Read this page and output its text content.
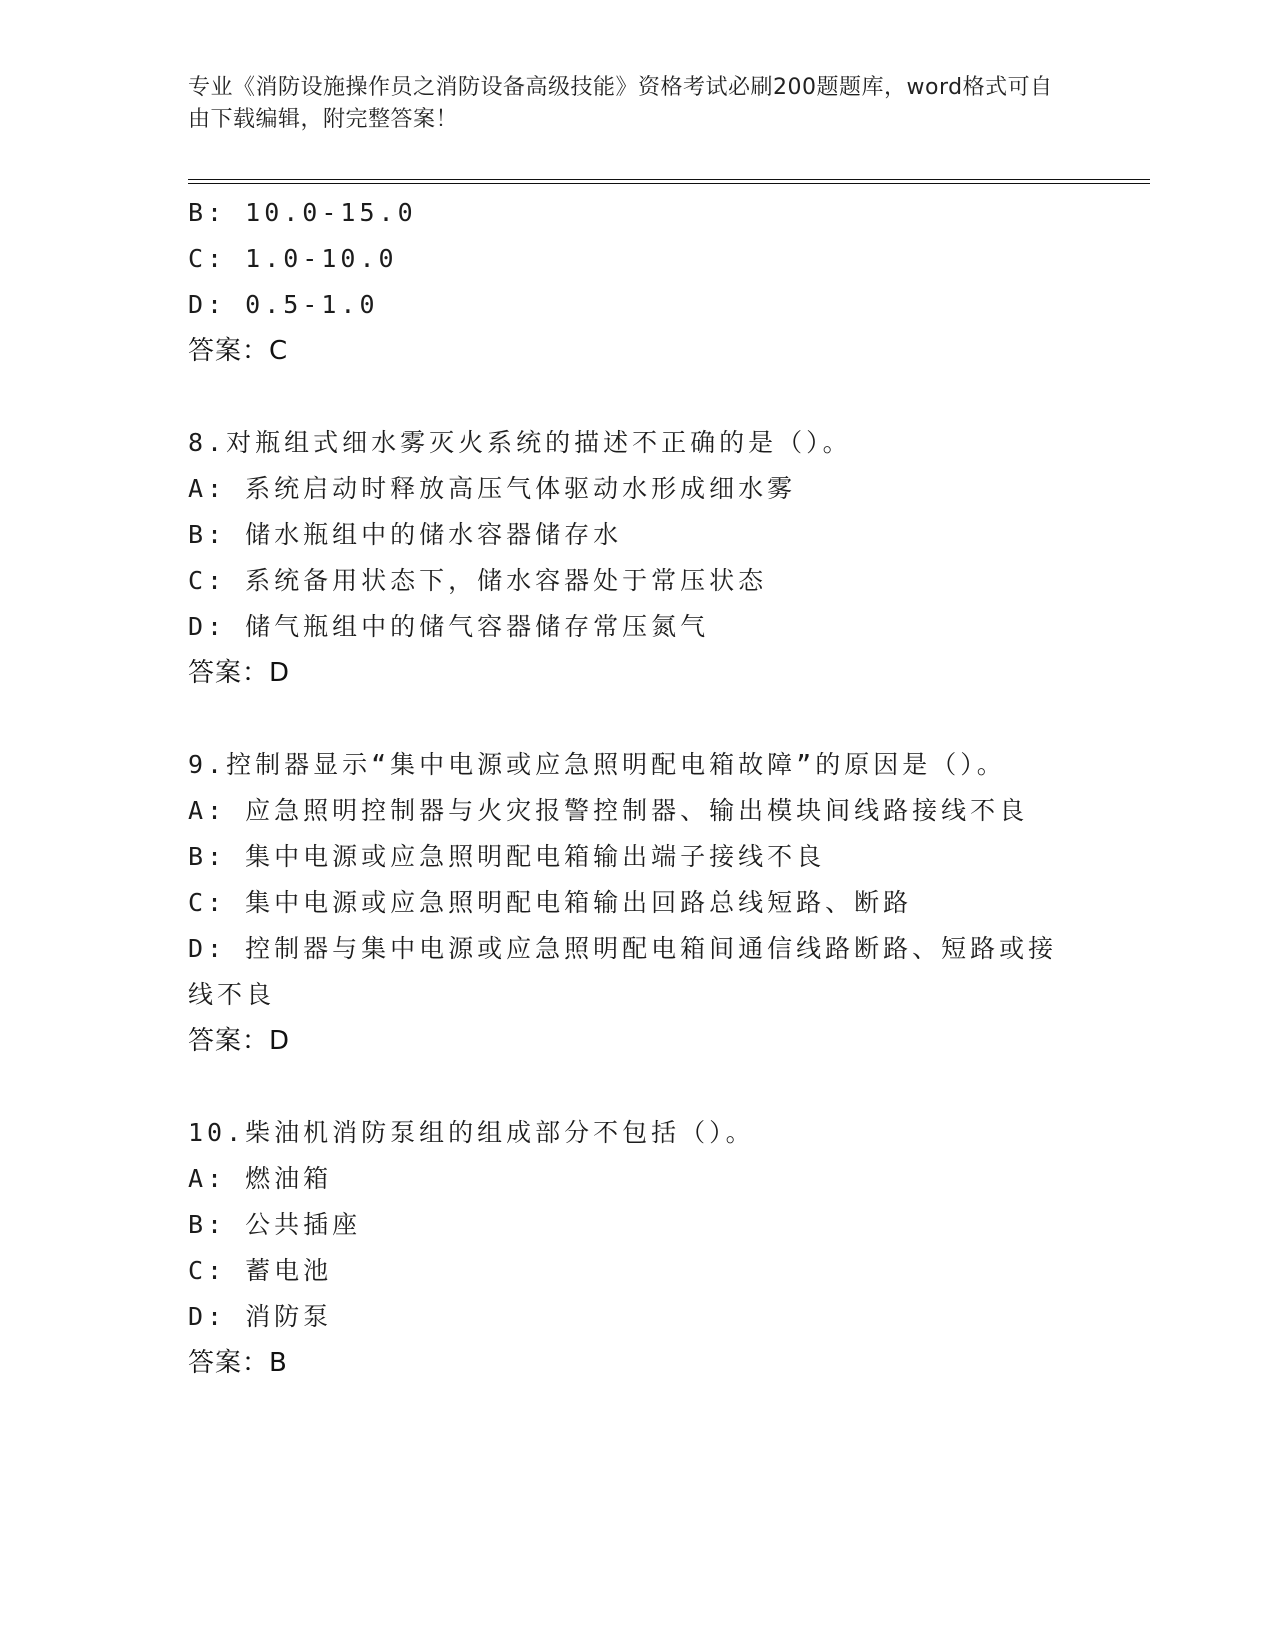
专业《消防设施操作员之消防设备高级技能》资格考试必刷200题题库，word格式可自由下载编辑，附完整答案！
B: 10.0-15.0
C: 1.0-10.0
D: 0.5-1.0
答案：C
8.对瓶组式细水雾灭火系统的描述不正确的是（）。
A: 系统启动时释放高压气体驱动水形成细水雾
B: 储水瓶组中的储水容器储存水
C: 系统备用状态下，储水容器处于常压状态
D: 储气瓶组中的储气容器储存常压氮气
答案：D
9.控制器显示“集中电源或应急照明配电箱故障”的原因是（）。
A: 应急照明控制器与火灾报警控制器、输出模块间线路接线不良
B: 集中电源或应急照明配电箱输出端子接线不良
C: 集中电源或应急照明配电箱输出回路总线短路、断路
D: 控制器与集中电源或应急照明配电箱间通信线路断路、短路或接线不良
答案：D
10.柴油机消防泵组的组成部分不包括（）。
A: 燃油箱
B: 公共插座
C: 蓄电池
D: 消防泵
答案：B
